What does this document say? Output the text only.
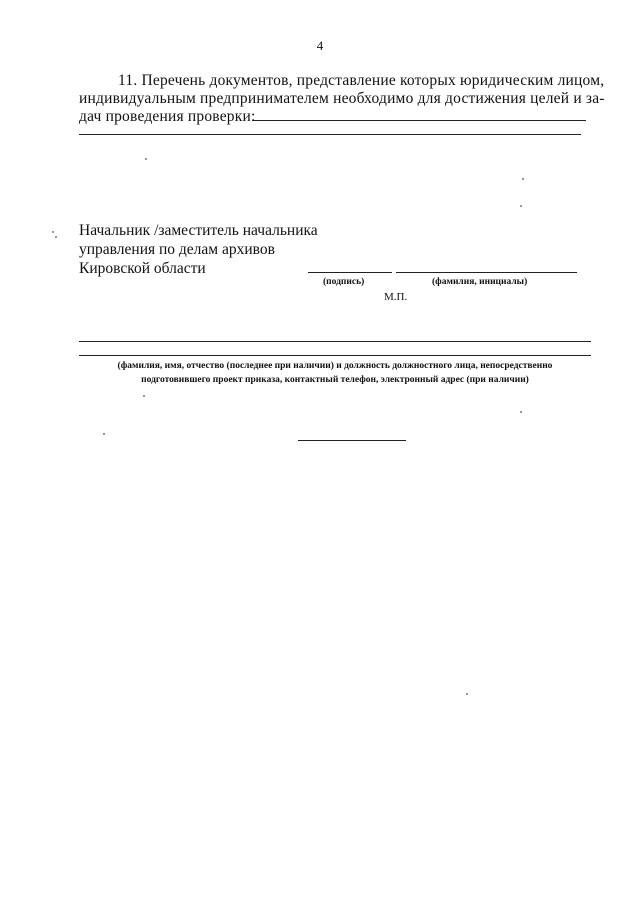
4
11. Перечень документов, представление которых юридическим лицом,
индивидуальным предпринимателем необходимо для достижения целей и за-
дач проведения проверки:
Начальник /заместитель начальника
управления по делам архивов
Кировской области
(подпись)	(фамилия, инициалы)
М.П.
(фамилия, имя, отчество (последнее при наличии) и должность должностного лица, непосредственно
подготовившего проект приказа, контактный телефон, электронный адрес (при наличии)
